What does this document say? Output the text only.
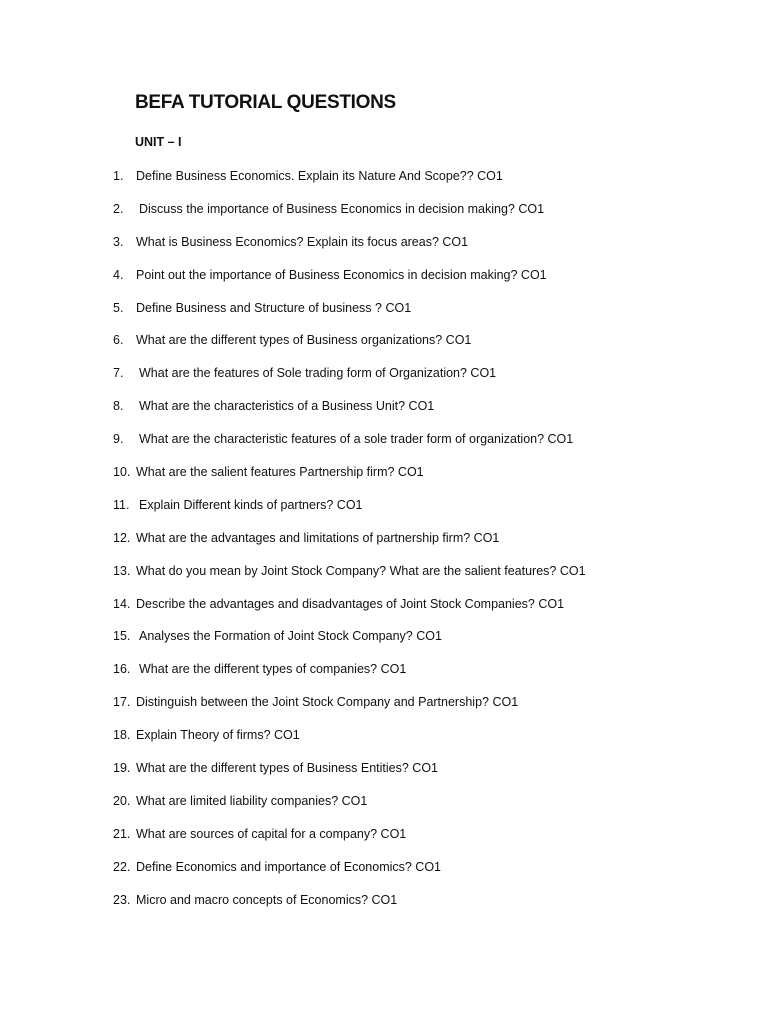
BEFA TUTORIAL QUESTIONS
UNIT – I
1. Define Business Economics. Explain its Nature And Scope?? CO1
2. Discuss the importance of Business Economics in decision making? CO1
3. What is Business Economics? Explain its focus areas? CO1
4. Point out the importance of Business Economics in decision making? CO1
5. Define Business and Structure of business ? CO1
6. What are the different types of Business organizations? CO1
7. What are the features of Sole trading form of Organization? CO1
8. What are the characteristics of a Business Unit? CO1
9. What are the characteristic features of a sole trader form of organization? CO1
10. What are the salient features Partnership firm? CO1
11. Explain Different kinds of partners? CO1
12. What are the advantages and limitations of partnership firm? CO1
13. What do you mean by Joint Stock Company? What are the salient features? CO1
14. Describe the advantages and disadvantages of Joint Stock Companies? CO1
15. Analyses the Formation of Joint Stock Company? CO1
16. What are the different types of companies? CO1
17. Distinguish between the Joint Stock Company and Partnership? CO1
18. Explain Theory of firms? CO1
19. What are the different types of Business Entities? CO1
20. What are limited liability companies? CO1
21. What are sources of capital for a company? CO1
22. Define Economics and importance of Economics? CO1
23. Micro and macro concepts of Economics? CO1
